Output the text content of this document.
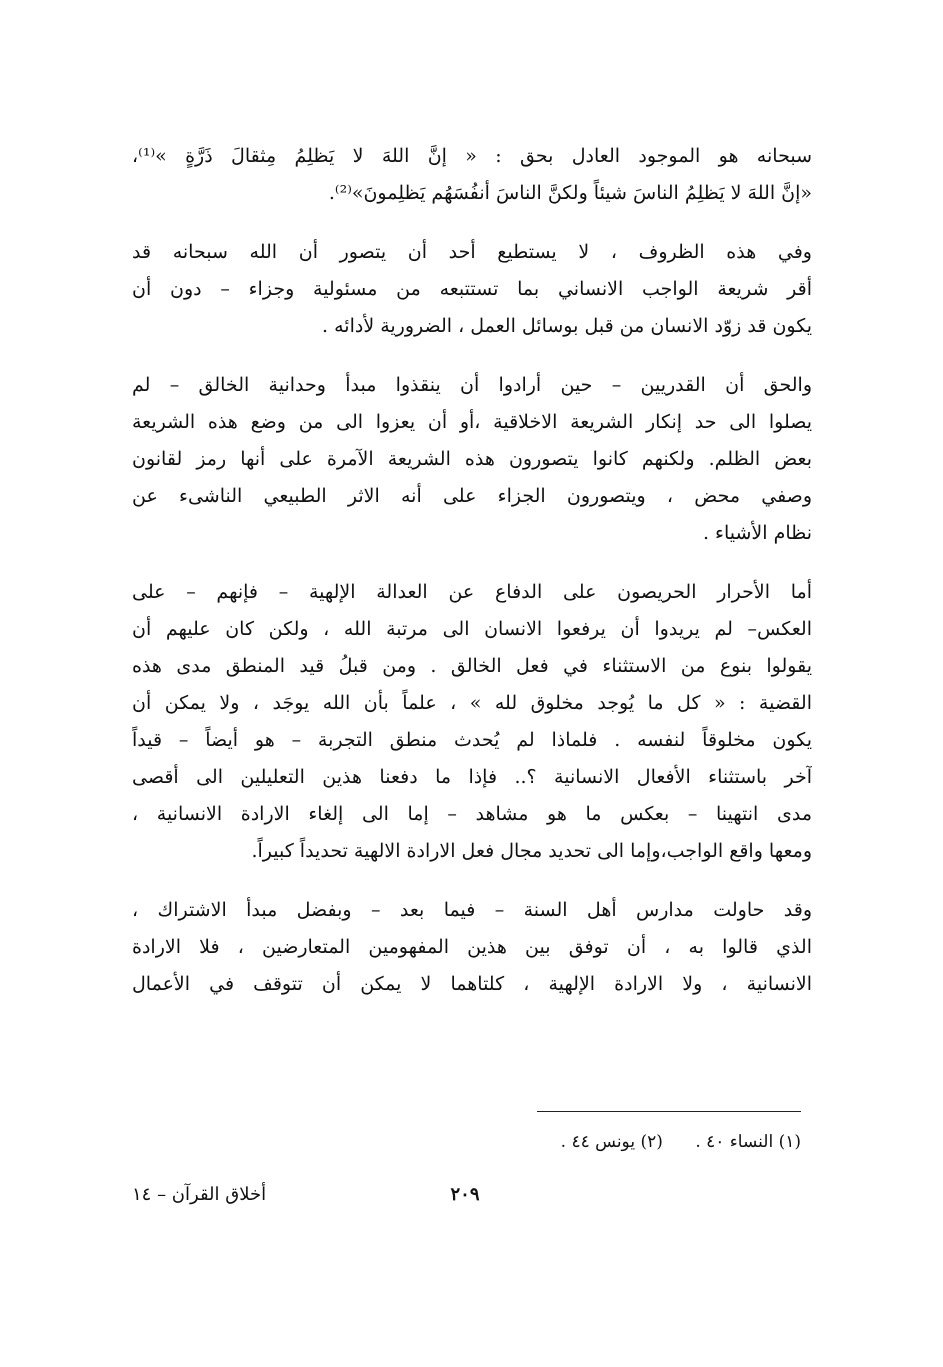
سبحانه هو الموجود العادل بحق : « إنَّ اللهَ لا يَظلِمُ مِثقالَ ذَرَّةٍ »⁽¹⁾،
«إنَّ اللهَ لا يَظلِمُ الناسَ شيئاً ولكنَّ الناسَ أنفُسَهُم يَظلِمونَ»⁽²⁾.
وفي هذه الظروف ، لا يستطيع أحد أن يتصور أن الله سبحانه قد
أقر شريعة الواجب الانساني بما تستتبعه من مسئولية وجزاء – دون أن
يكون قد زوّد الانسان من قبل بوسائل العمل ، الضرورية لأدائه .
والحق أن القدريين – حين أرادوا أن ينقذوا مبدأ وحدانية الخالق – لم
يصلوا الى حد إنكار الشريعة الاخلاقية ،أو أن يعزوا الى من وضع هذه الشريعة
بعض الظلم. ولكنهم كانوا يتصورون هذه الشريعة الآمرة على أنها رمز لقانون
وصفي محض ، ويتصورون الجزاء على أنه الاثر الطبيعي الناشىء عن
نظام الأشياء .
أما الأحرار الحريصون على الدفاع عن العدالة الإلهية – فإنهم – على
العكس– لم يريدوا أن يرفعوا الانسان الى مرتبة الله ، ولكن كان عليهم أن
يقولوا بنوع من الاستثناء في فعل الخالق . ومن قبلُ قيد المنطق مدى هذه
القضية : « كل ما يُوجد مخلوق لله » ، علماً بأن الله يوجَد ، ولا يمكن أن
يكون مخلوقاً لنفسه . فلماذا لم يُحدث منطق التجربة – هو أيضاً – قيداً
آخر باستثناء الأفعال الانسانية ؟.. فإذا ما دفعنا هذين التعليلين الى أقصى
مدى انتهينا – بعكس ما هو مشاهد – إما الى إلغاء الارادة الانسانية ،
ومعها واقع الواجب،وإما الى تحديد مجال فعل الارادة الالهية تحديداً كبيراً.
وقد حاولت مدارس أهل السنة – فيما بعد – وبفضل مبدأ الاشتراك ،
الذي قالوا به ، أن توفق بين هذين المفهومين المتعارضين ، فلا الارادة
الانسانية ، ولا الارادة الإلهية ، كلتاهما لا يمكن أن تتوقف في الأعمال
(١) النساء ٤٠ .      (٢) يونس ٤٤ .
٢٠٩
أخلاق القرآن – ١٤
